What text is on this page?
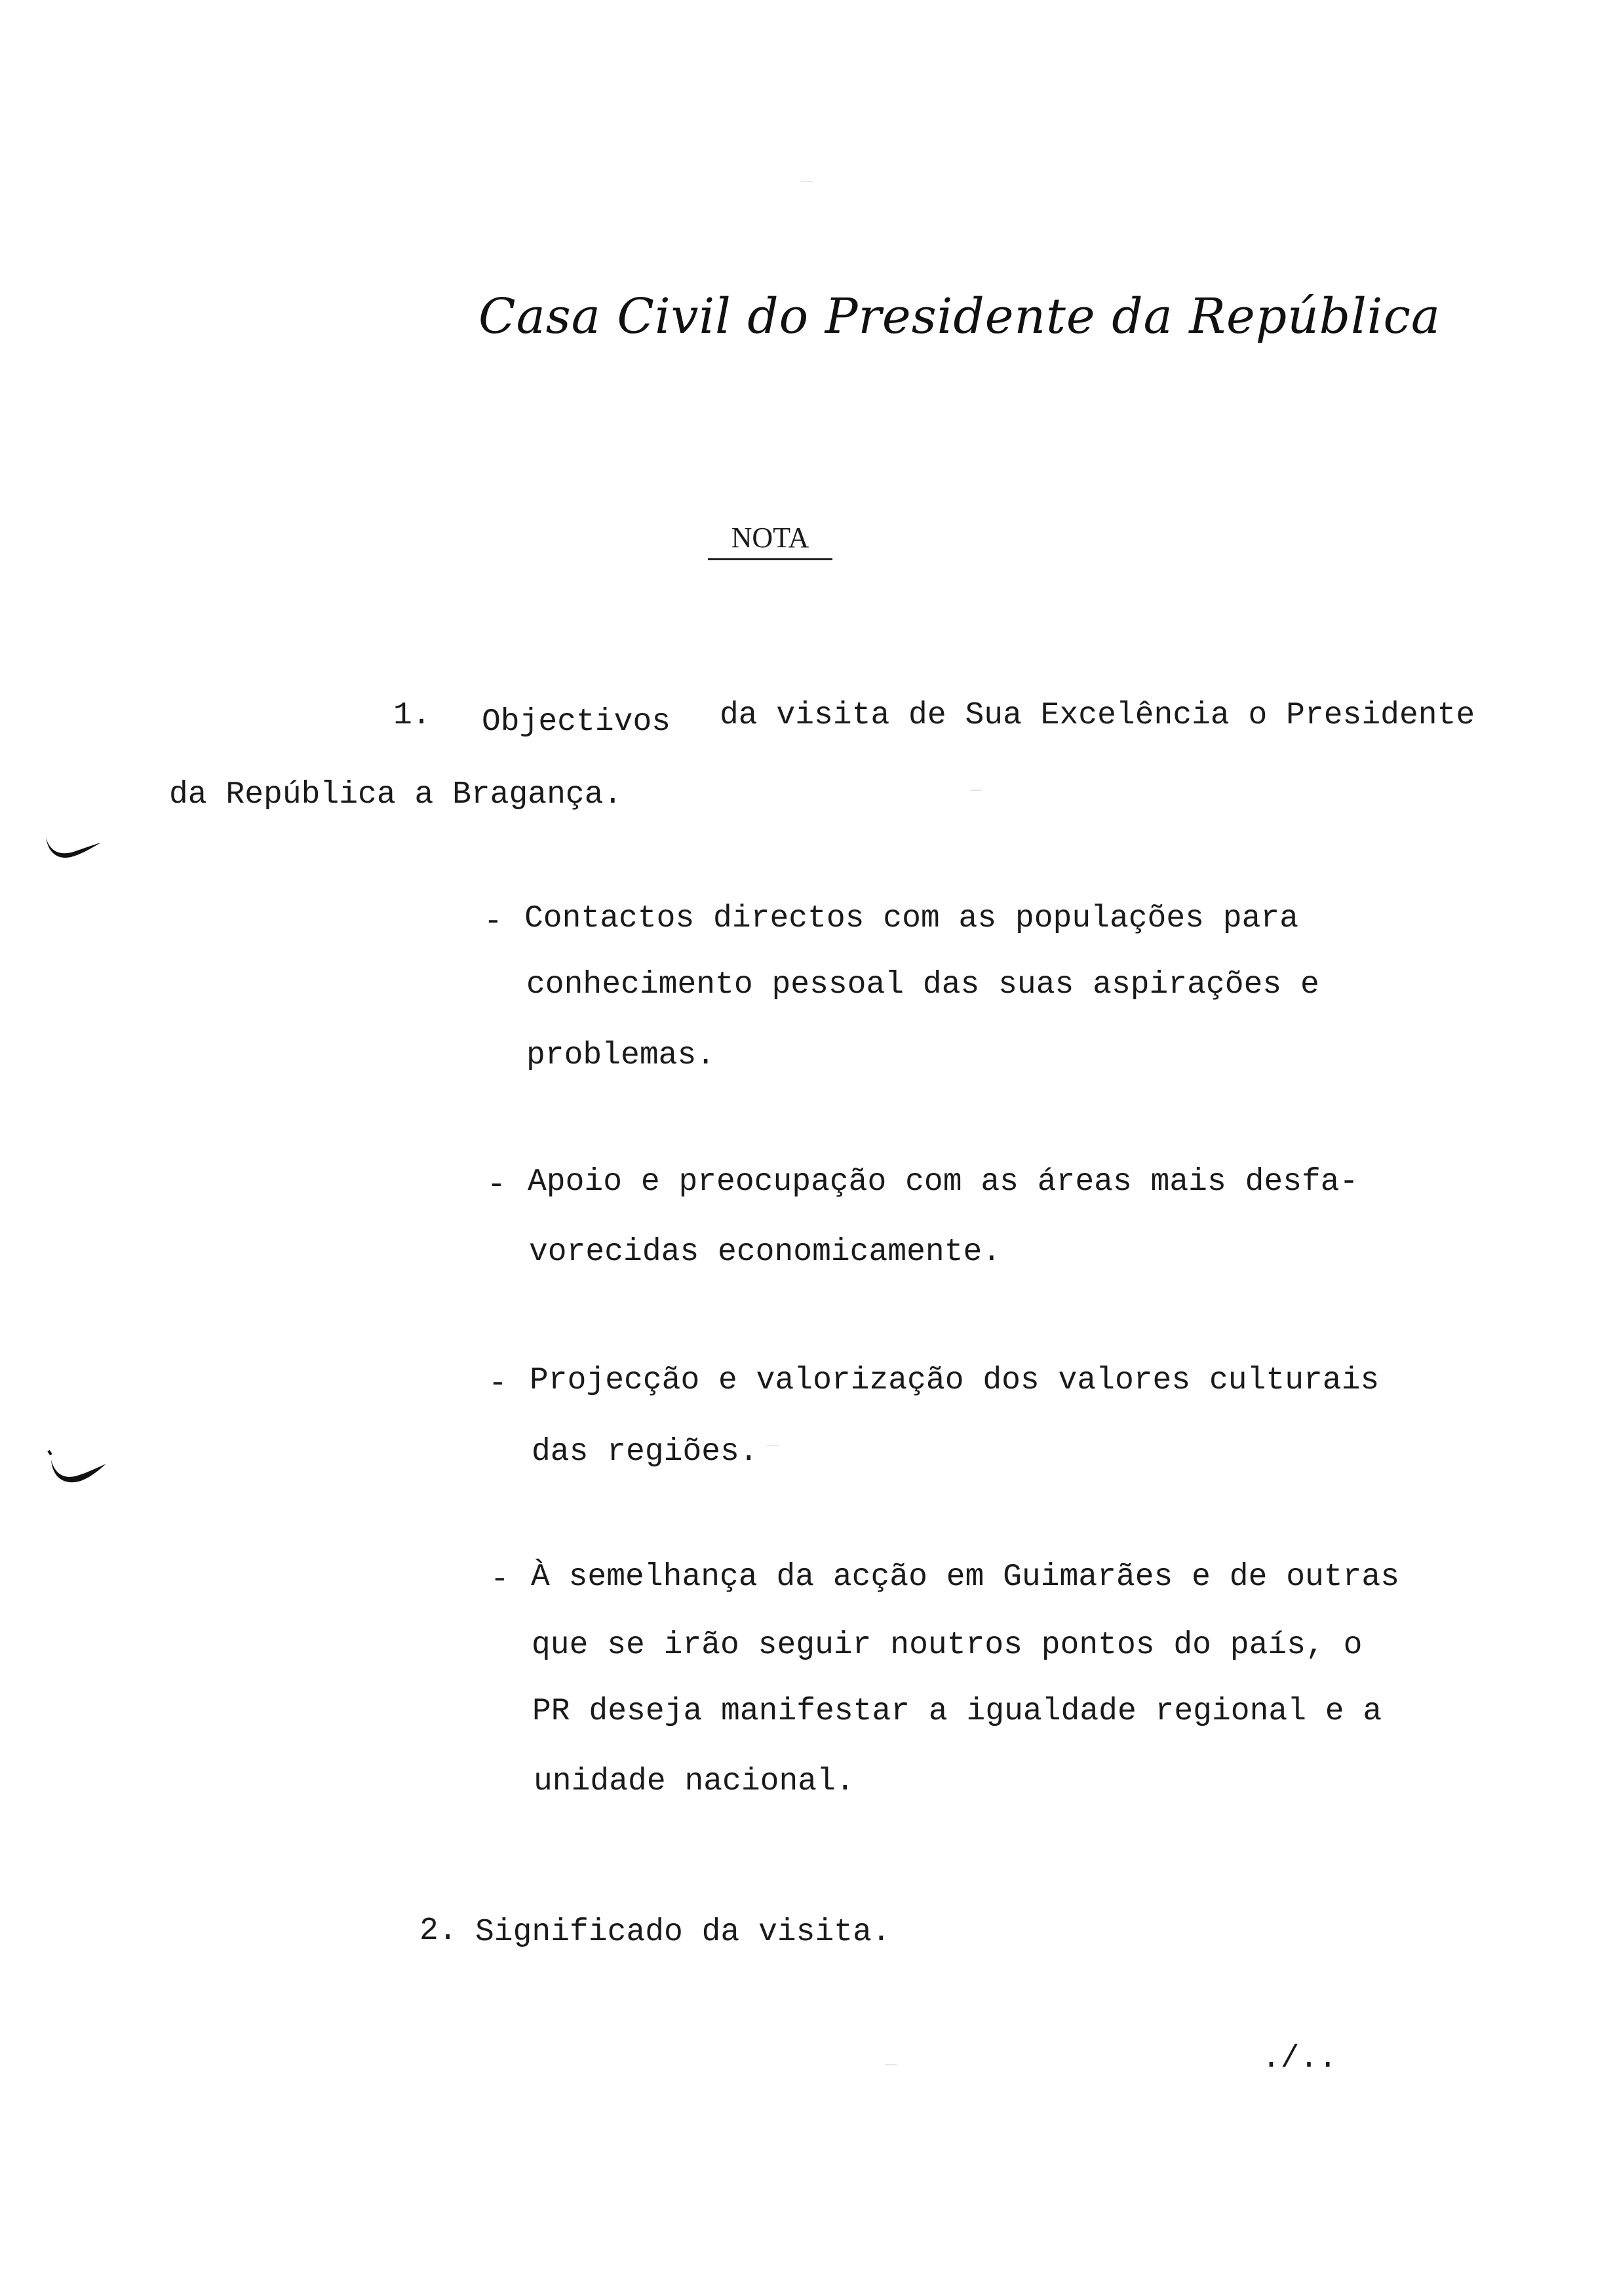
Casa Civil do Presidente da República
NOTA
1. Objectivos da visita de Sua Excelência o Presidente
da República a Bragança.
- Contactos directos com as populações para
conhecimento pessoal das suas aspirações e
problemas.
- Apoio e preocupação com as áreas mais desfa-
vorecidas economicamente.
- Projecção e valorização dos valores culturais
das regiões.
- À semelhança da acção em Guimarães e de outras
que se irão seguir noutros pontos do país, o
PR deseja manifestar a igualdade regional e a
unidade nacional.
2. Significado da visita.
./..
